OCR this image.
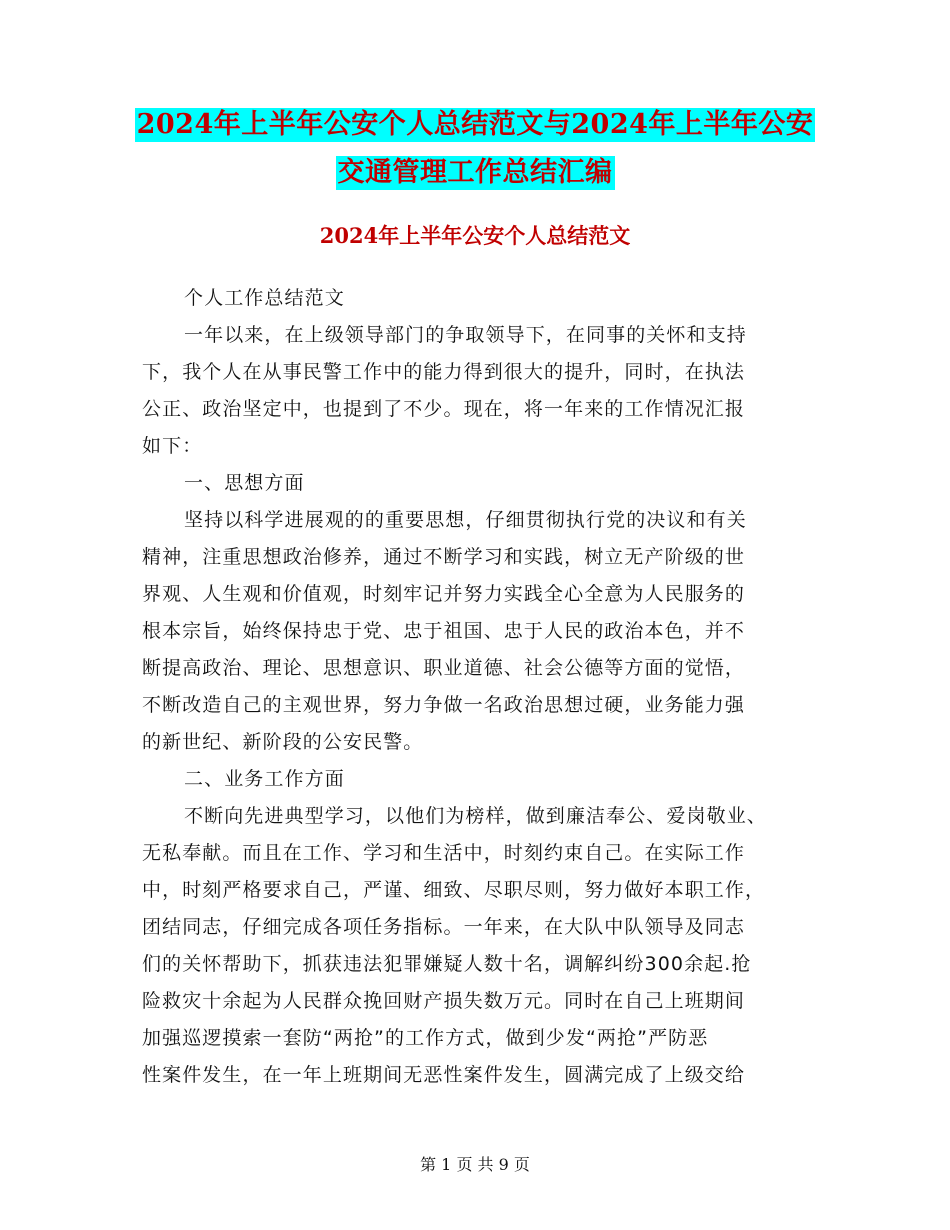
2024年上半年公安个人总结范文与2024年上半年公安
交通管理工作总结汇编
2024年上半年公安个人总结范文
个人工作总结范文
一年以来，在上级领导部门的争取领导下，在同事的关怀和支持
下，我个人在从事民警工作中的能力得到很大的提升，同时，在执法
公正、政治坚定中，也提到了不少。现在，将一年来的工作情况汇报
如下：
一、思想方面
坚持以科学进展观的的重要思想，仔细贯彻执行党的决议和有关
精神，注重思想政治修养，通过不断学习和实践，树立无产阶级的世
界观、人生观和价值观，时刻牢记并努力实践全心全意为人民服务的
根本宗旨，始终保持忠于党、忠于祖国、忠于人民的政治本色，并不
断提高政治、理论、思想意识、职业道德、社会公德等方面的觉悟，
不断改造自己的主观世界，努力争做一名政治思想过硬，业务能力强
的新世纪、新阶段的公安民警。
二、业务工作方面
不断向先进典型学习，以他们为榜样，做到廉洁奉公、爱岗敬业、
无私奉献。而且在工作、学习和生活中，时刻约束自己。在实际工作
中，时刻严格要求自己，严谨、细致、尽职尽则，努力做好本职工作，
团结同志，仔细完成各项任务指标。一年来，在大队中队领导及同志
们的关怀帮助下，抓获违法犯罪嫌疑人数十名，调解纠纷300余起.抢
险救灾十余起为人民群众挽回财产损失数万元。同时在自己上班期间
加强巡逻摸索一套防“两抢”的工作方式，做到少发“两抢”严防恶
性案件发生，在一年上班期间无恶性案件发生，圆满完成了上级交给
第 1 页 共 9 页
